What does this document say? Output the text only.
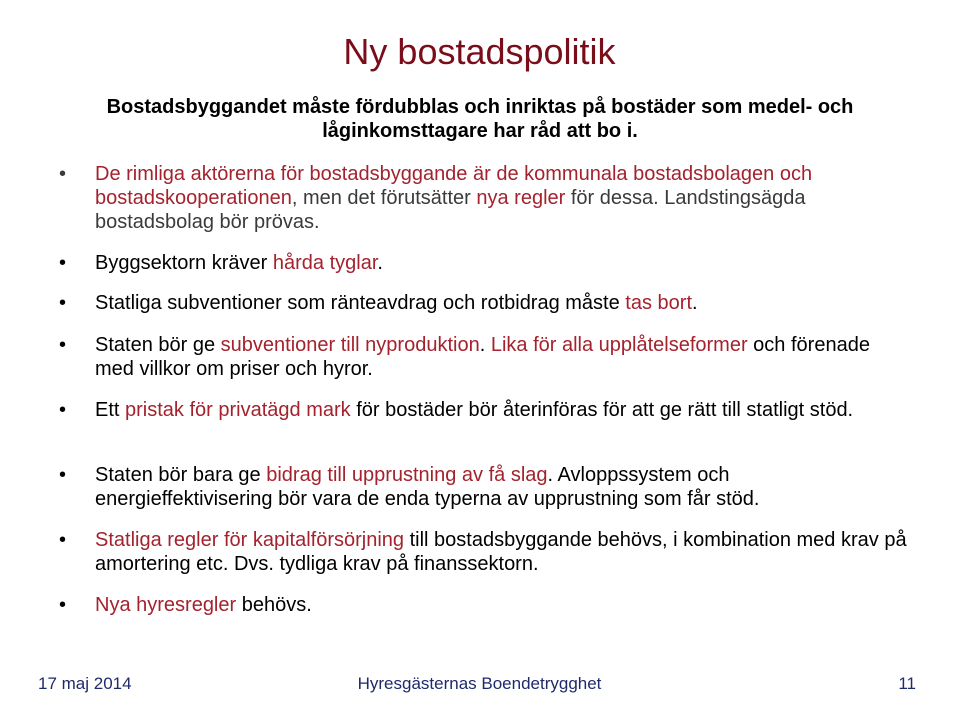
Ny bostadspolitik
Bostadsbyggandet måste fördubblas och inriktas på bostäder som medel- och låginkomsttagare har råd att bo i.
• De rimliga aktörerna för bostadsbyggande är de kommunala bostadsbolagen och bostadskooperationen, men det förutsätter nya regler för dessa. Landstingsägda bostadsbolag bör prövas.
• Byggsektorn kräver hårda tyglar.
• Statliga subventioner som ränteavdrag och rotbidrag måste tas bort.
• Staten bör ge subventioner till nyproduktion. Lika för alla upplåtelseformer och förenade med villkor om priser och hyror.
• Ett pristak för privatägd mark för bostäder bör återinföras för att ge rätt till statligt stöd.
• Staten bör bara ge bidrag till upprustning av få slag. Avloppssystem och energieffektivisering bör vara de enda typerna av upprustning som får stöd.
• Statliga regler för kapitalförsörjning till bostadsbyggande behövs, i kombination med krav på amortering etc. Dvs. tydliga krav på finanssektorn.
• Nya hyresregler behövs.
Hyresgästernas Boendetrygghet
17 maj 2014	11
